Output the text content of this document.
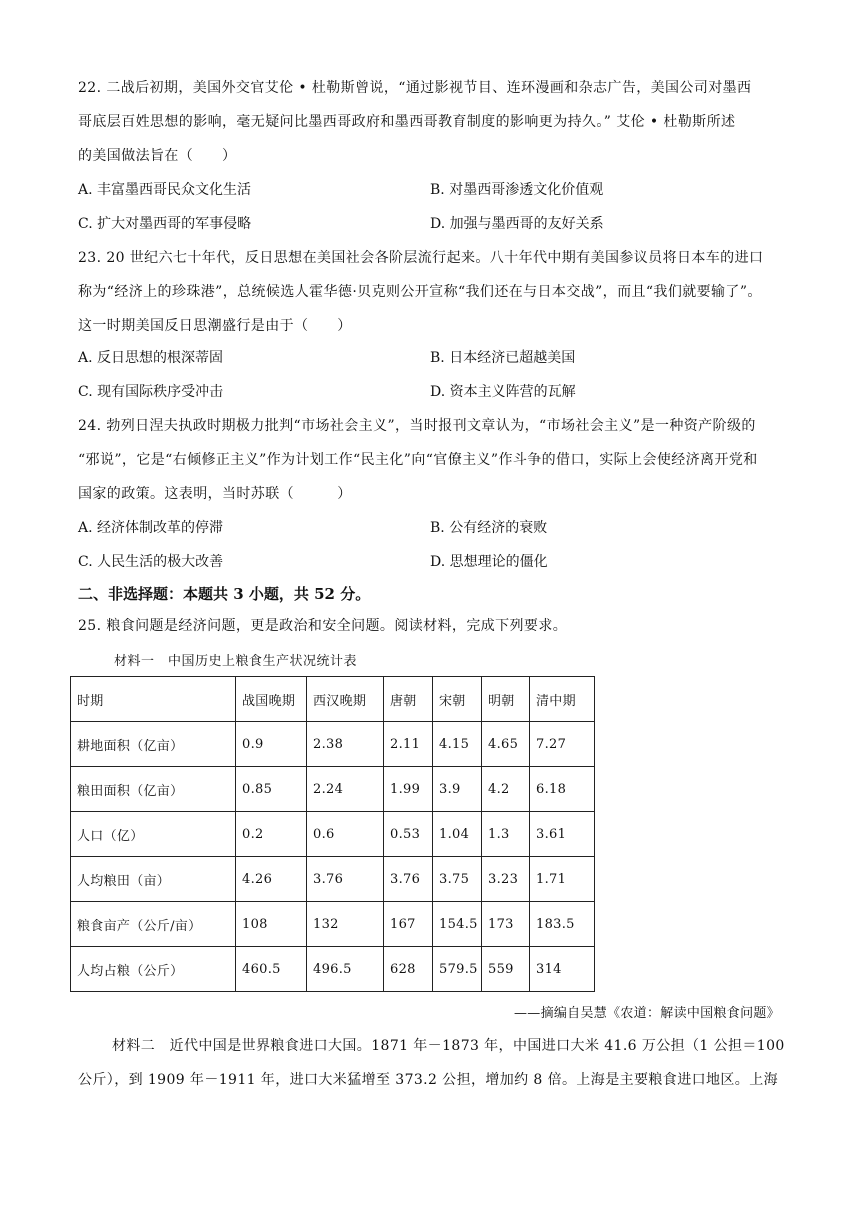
22. 二战后初期，美国外交官艾伦 • 杜勒斯曾说，“通过影视节目、连环漫画和杂志广告，美国公司对墨西
哥底层百姓思想的影响，毫无疑问比墨西哥政府和墨西哥教育制度的影响更为持久。” 艾伦 • 杜勒斯所述
的美国做法旨在（　　）
A. 丰富墨西哥民众文化生活	B. 对墨西哥渗透文化价值观
C. 扩大对墨西哥的军事侵略	D. 加强与墨西哥的友好关系
23. 20 世纪六七十年代，反日思想在美国社会各阶层流行起来。八十年代中期有美国参议员将日本车的进口
称为“经济上的珍珠港”，总统候选人霍华德·贝克则公开宣称“我们还在与日本交战”，而且“我们就要输了”。
这一时期美国反日思潮盛行是由于（　　）
A. 反日思想的根深蒂固	B. 日本经济已超越美国
C. 现有国际秩序受冲击	D. 资本主义阵营的瓦解
24. 勃列日涅夫执政时期极力批判“市场社会主义”，当时报刊文章认为，“市场社会主义”是一种资产阶级的
“邪说”，它是“右倾修正主义”作为计划工作“民主化”向“官僚主义”作斗争的借口，实际上会使经济离开党和
国家的政策。这表明，当时苏联（　　　）
A. 经济体制改革的停滞	B. 公有经济的衰败
C. 人民生活的极大改善	D. 思想理论的僵化
二、非选择题：本题共 3 小题，共 52 分。
25. 粮食问题是经济问题，更是政治和安全问题。阅读材料，完成下列要求。
材料一　中国历史上粮食生产状况统计表
时期	战国晚期	西汉晚期	唐朝	宋朝	明朝	清中期
耕地面积（亿亩）	0.9	2.38	2.11	4.15	4.65	7.27
粮田面积（亿亩）	0.85	2.24	1.99	3.9	4.2	6.18
人口（亿）	0.2	0.6	0.53	1.04	1.3	3.61
人均粮田（亩）	4.26	3.76	3.76	3.75	3.23	1.71
粮食亩产（公斤/亩）	108	132	167	154.5	173	183.5
人均占粮（公斤）	460.5	496.5	628	579.5	559	314
——摘编自吴慧《农道：解读中国粮食问题》
材料二　近代中国是世界粮食进口大国。1871 年－1873 年，中国进口大米 41.6 万公担（1 公担＝100
公斤），到 1909 年－1911 年，进口大米猛增至 373.2 公担，增加约 8 倍。上海是主要粮食进口地区。上海
